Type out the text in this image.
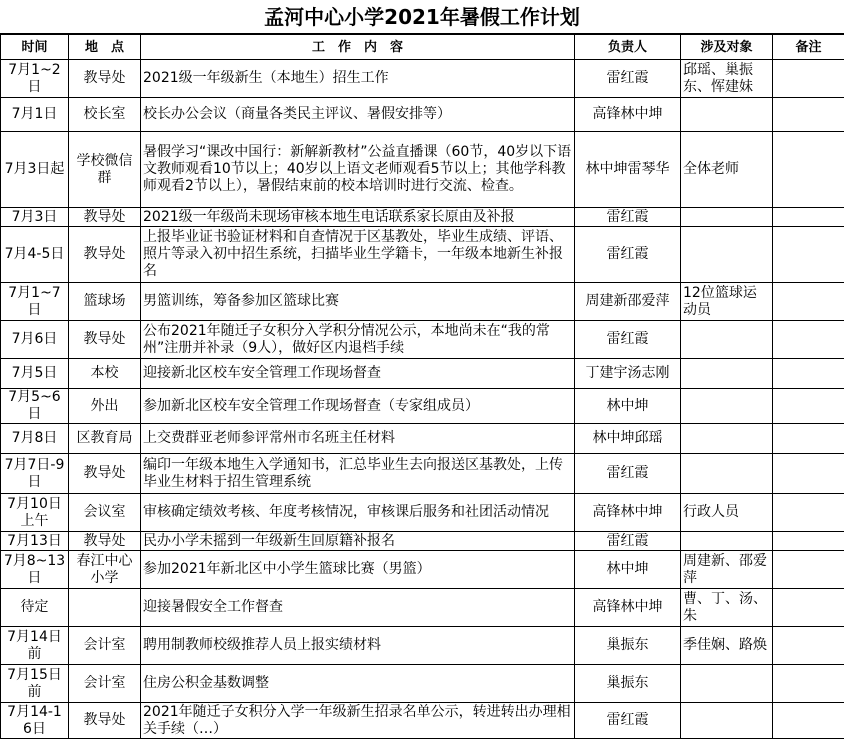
孟河中心小学2021年暑假工作计划
时间	地　点	工　作　内　容	负责人	涉及对象	备注
7月1~2日	教导处	2021级一年级新生（本地生）招生工作	雷红霞	邱瑶、巢振东、恽建妹	
7月1日	校长室	校长办公会议（商量各类民主评议、暑假安排等）	高锋林中坤		
7月3日起	学校微信群	暑假学习“课改中国行：新解新教材”公益直播课（60节，40岁以下语文教师观看10节以上；40岁以上语文老师观看5节以上；其他学科教师观看2节以上），暑假结束前的校本培训时进行交流、检查。	林中坤雷琴华	全体老师	
7月3日	教导处	2021级一年级尚未现场审核本地生电话联系家长原由及补报	雷红霞		
7月4-5日	教导处	上报毕业证书验证材料和自查情况于区基教处，毕业生成绩、评语、照片等录入初中招生系统，扫描毕业生学籍卡，一年级本地新生补报名	雷红霞		
7月1~7日	篮球场	男篮训练，筹备参加区篮球比赛	周建新邵爱萍	12位篮球运动员	
7月6日	教导处	公布2021年随迁子女积分入学积分情况公示，本地尚未在“我的常州”注册并补录（9人），做好区内退档手续	雷红霞		
7月5日	本校	迎接新北区校车安全管理工作现场督查	丁建宇汤志刚		
7月5~6日	外出	参加新北区校车安全管理工作现场督查（专家组成员）	林中坤		
7月8日	区教育局	上交费群亚老师参评常州市名班主任材料	林中坤邱瑶		
7月7日-9日	教导处	编印一年级本地生入学通知书，汇总毕业生去向报送区基教处，上传毕业生材料于招生管理系统	雷红霞		
7月10日上午	会议室	审核确定绩效考核、年度考核情况，审核课后服务和社团活动情况	高锋林中坤	行政人员	
7月13日	教导处	民办小学未摇到一年级新生回原籍补报名	雷红霞		
7月8~13日	春江中心小学	参加2021年新北区中小学生篮球比赛（男篮）	林中坤	周建新、邵爱萍	
待定		迎接暑假安全工作督查	高锋林中坤	曹、丁、汤、朱	
7月14日前	会计室	聘用制教师校级推荐人员上报实绩材料	巢振东	季佳娴、路焕	
7月15日前	会计室	住房公积金基数调整	巢振东		
7月14-16日	教导处	2021年随迁子女积分入学一年级新生招录名单公示，转进转出办理相关手续（…）	雷红霞		
